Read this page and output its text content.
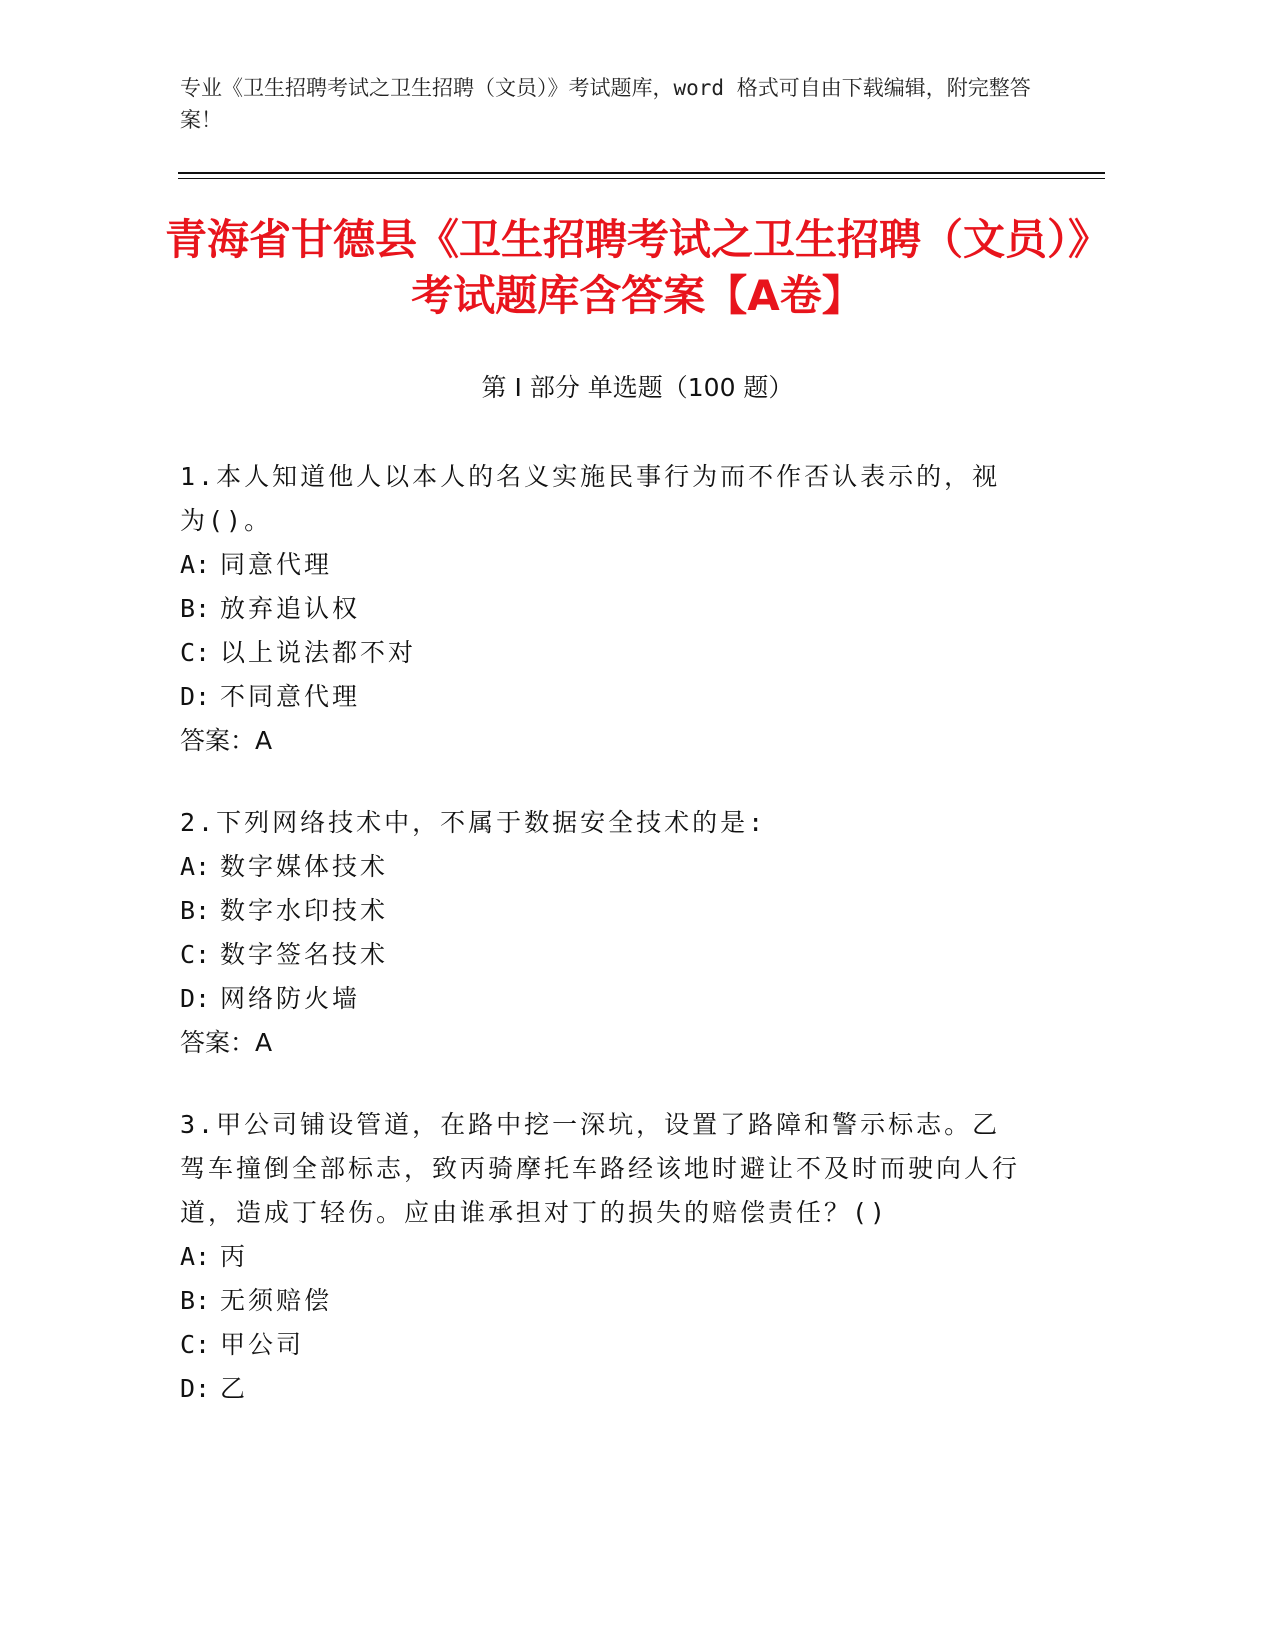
专业《卫生招聘考试之卫生招聘（文员）》考试题库，word 格式可自由下载编辑，附完整答案！
青海省甘德县《卫生招聘考试之卫生招聘（文员）》考试题库含答案【A卷】
第 I 部分 单选题（100 题）
1.本人知道他人以本人的名义实施民事行为而不作否认表示的，视为()。
A: 同意代理
B: 放弃追认权
C: 以上说法都不对
D: 不同意代理
答案：A
2.下列网络技术中，不属于数据安全技术的是:
A: 数字媒体技术
B: 数字水印技术
C: 数字签名技术
D: 网络防火墙
答案：A
3.甲公司铺设管道，在路中挖一深坑，设置了路障和警示标志。乙驾车撞倒全部标志，致丙骑摩托车路经该地时避让不及时而驶向人行道，造成丁轻伤。应由谁承担对丁的损失的赔偿责任？()
A: 丙
B: 无须赔偿
C: 甲公司
D: 乙
